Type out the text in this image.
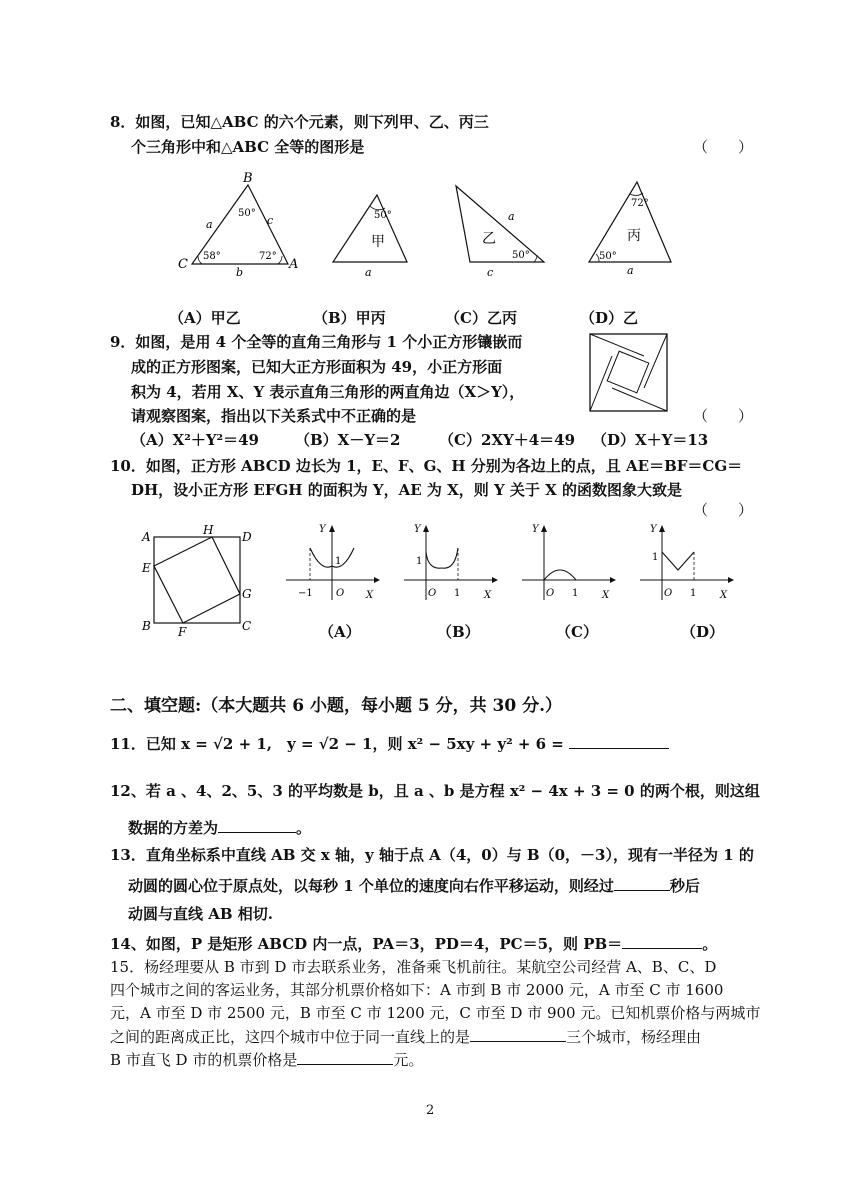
8．如图，已知△ABC 的六个元素，则下列甲、乙、丙三
个三角形中和△ABC 全等的图形是	（　　）
B
C	A
a	c
b
50°
58°	72°
50°
甲
a
a
乙
50°
c
72°
丙
50°
a
（A）甲乙	（B）甲丙	（C）乙丙	（D）乙
9．如图，是用 4 个全等的直角三角形与 1 个小正方形镶嵌而
成的正方形图案，已知大正方形面积为 49，小正方形面
积为 4，若用 X、Y 表示直角三角形的两直角边（X＞Y），
请观察图案，指出以下关系式中不正确的是	（　　）
（A）X²＋Y²＝49 （B）X－Y＝2	（C）2XY＋4＝49 （D）X＋Y＝13
10．如图，正方形 ABCD 边长为 1，E、F、G、H 分别为各边上的点，且 AE＝BF＝CG＝
DH，设小正方形 EFGH 的面积为 Y，AE 为 X，则 Y 关于 X 的函数图象大致是
（　　）
A	H D
E
G
B F	C
Y
1
−1 O X
Y
1
O 1 X
Y
O 1 X
Y
1
O 1 X
（A）	（B）	（C）	（D）
二、填空题:（本大题共 6 小题，每小题 5 分，共 30 分.）
11．已知 x = √2 + 1,　y = √2 − 1，则 x² − 5xy + y² + 6 =
12、若 a 、4、2、5、3 的平均数是 b，且 a 、b 是方程 x² − 4x + 3 = 0 的两个根，则这组
数据的方差为	。
13．直角坐标系中直线 AB 交 x 轴，y 轴于点 A（4，0）与 B（0，－3），现有一半径为 1 的
动圆的圆心位于原点处，以每秒 1 个单位的速度向右作平移运动，则经过	秒后
动圆与直线 AB 相切.
14、如图，P 是矩形 ABCD 内一点，PA＝3，PD＝4，PC＝5，则 PB＝	。
15．杨经理要从 B 市到 D 市去联系业务，准备乘飞机前往。某航空公司经营 A、B、C、D
四个城市之间的客运业务，其部分机票价格如下：A 市到 B 市 2000 元，A 市至 C 市 1600
元，A 市至 D 市 2500 元，B 市至 C 市 1200 元，C 市至 D 市 900 元。已知机票价格与两城市
之间的距离成正比，这四个城市中位于同一直线上的是	三个城市，杨经理由
B 市直飞 D 市的机票价格是	元。
2
